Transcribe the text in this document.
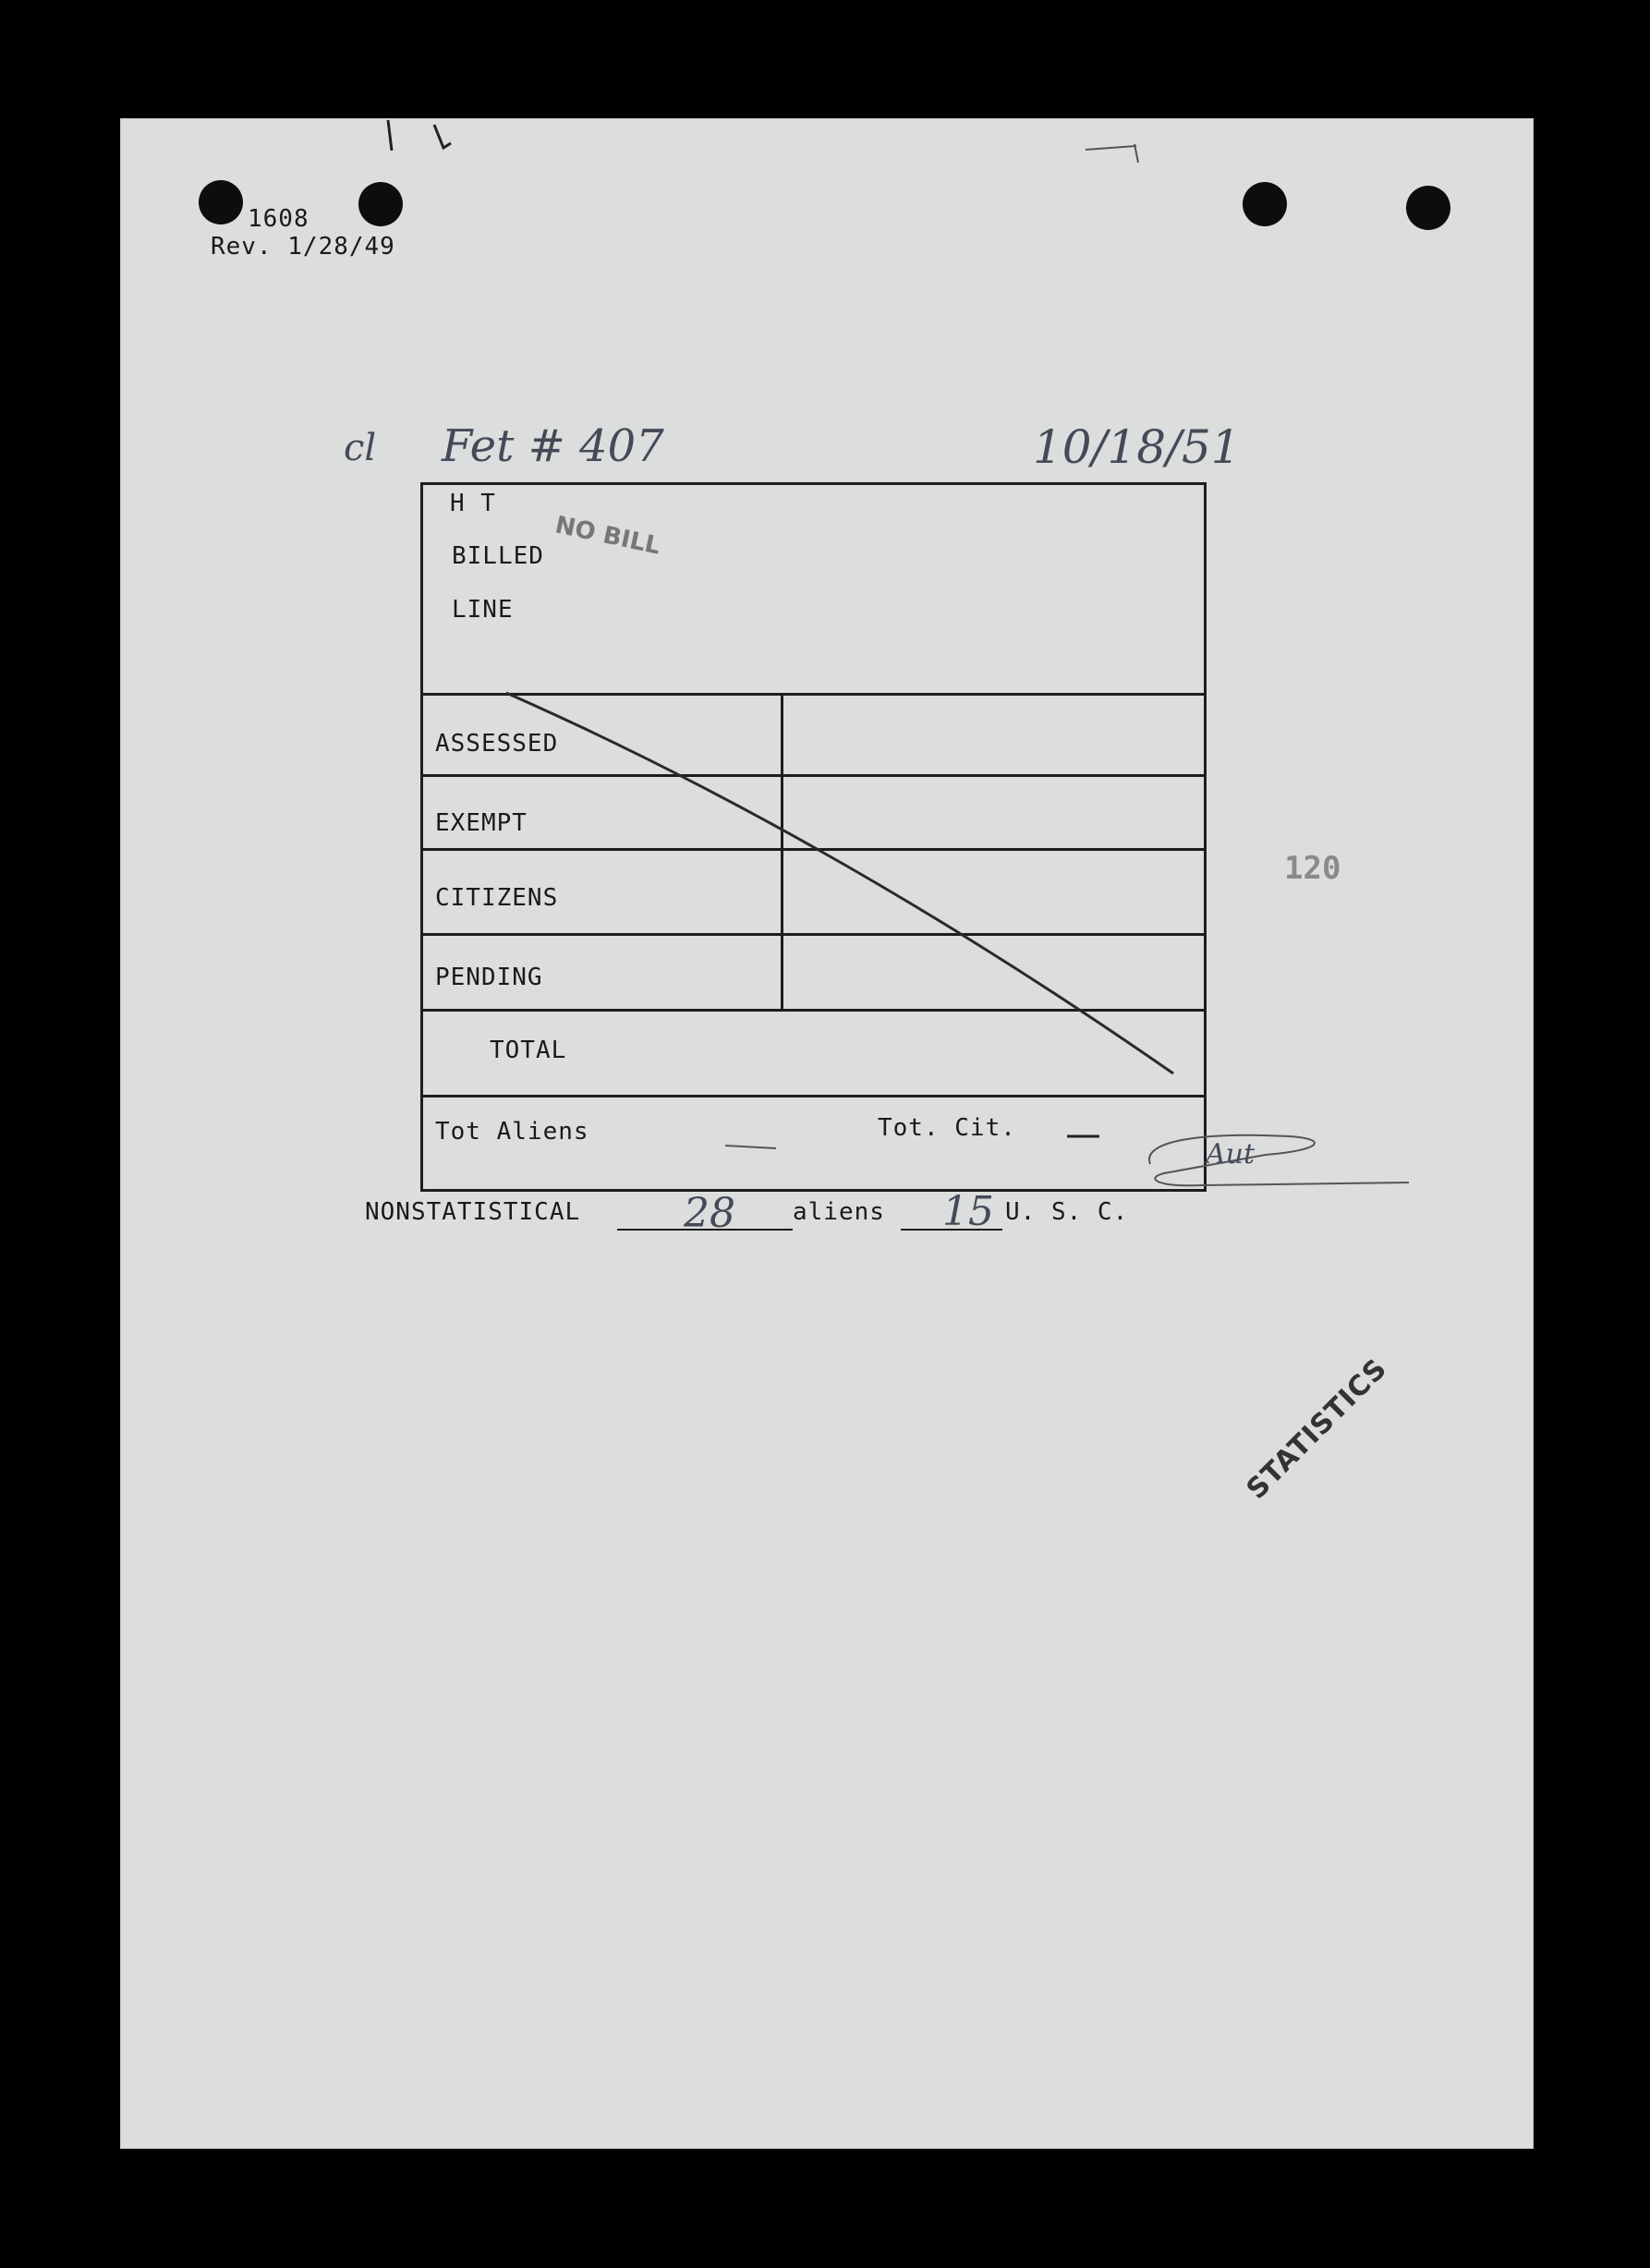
1608
Rev. 1/28/49
cl Fet # 407	10/18/51
H T
BILLED
LINE
NO BILL
ASSESSED
EXEMPT
CITIZENS
PENDING
TOTAL
Tot Aliens	Tot. Cit.
Aut
120
NONSTATISTICAL	28 aliens 15 U. S. C.
STATISTICS
